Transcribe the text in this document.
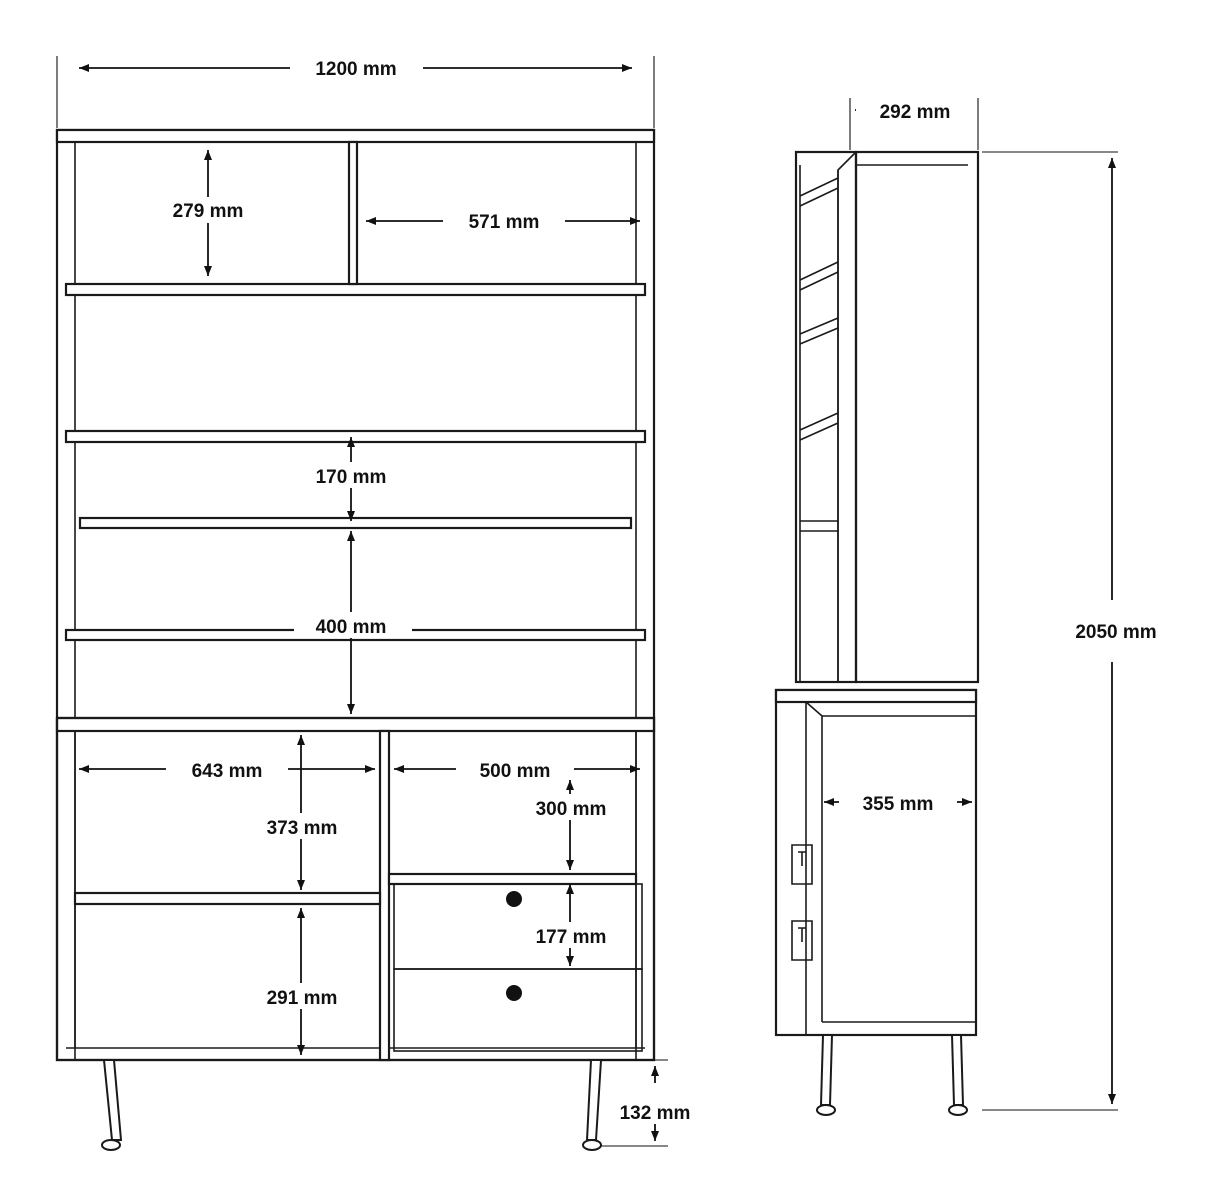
1200 mm
279 mm
571 mm
170 mm
400 mm
643 mm	500 mm
300 mm
373 mm
177 mm
291 mm
132 mm
292 mm
355 mm
2050 mm
